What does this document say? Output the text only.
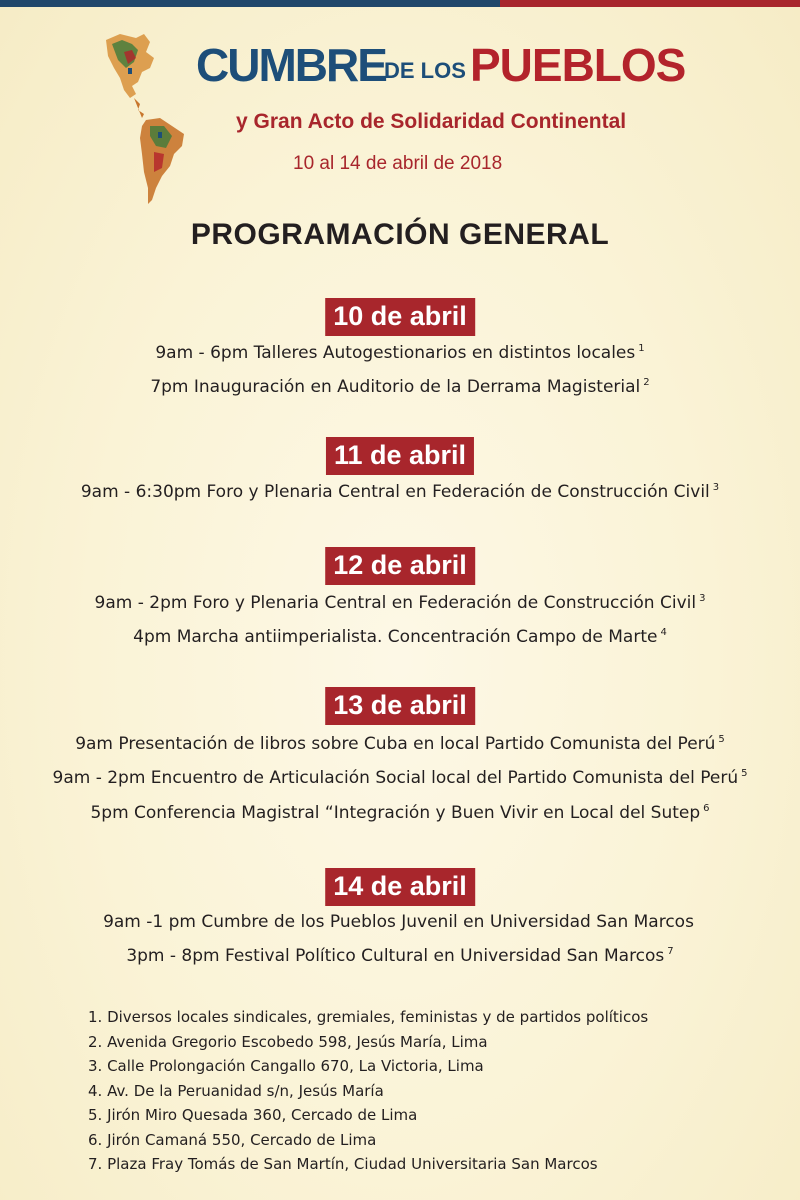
CUMBRE
DE LOS PUEBLOS
y Gran Acto de Solidaridad Continental
10 al 14 de abril de 2018
PROGRAMACIÓN GENERAL
10 de abril
9am - 6pm Talleres Autogestionarios en distintos locales $^1$
7pm Inauguración en Auditorio de la Derrama Magisterial $^2$
11 de abril
9am - 6:30pm Foro y Plenaria Central en Federación de Construcción Civil $^3$
12 de abril
9am - 2pm Foro y Plenaria Central en Federación de Construcción Civil $^3$
4pm Marcha antiimperialista. Concentración Campo de Marte $^4$
13 de abril
9am Presentación de libros sobre Cuba en local Partido Comunista del Perú $^5$
9am - 2pm Encuentro de Articulación Social local del Partido Comunista del Perú $^5$
5pm Conferencia Magistral “Integración y Buen Vivir en Local del Sutep $^6$
14 de abril
9am -1 pm Cumbre de los Pueblos Juvenil en Universidad San Marcos
3pm - 8pm Festival Político Cultural en Universidad San Marcos $^7$
1. Diversos locales sindicales, gremiales, feministas y de partidos políticos
2. Avenida Gregorio Escobedo 598, Jesús María, Lima
3. Calle Prolongación Cangallo 670, La Victoria, Lima
4. Av. De la Peruanidad s/n, Jesús María
5. Jirón Miro Quesada 360, Cercado de Lima
6. Jirón Camaná 550, Cercado de Lima
7. Plaza Fray Tomás de San Martín, Ciudad Universitaria San Marcos
